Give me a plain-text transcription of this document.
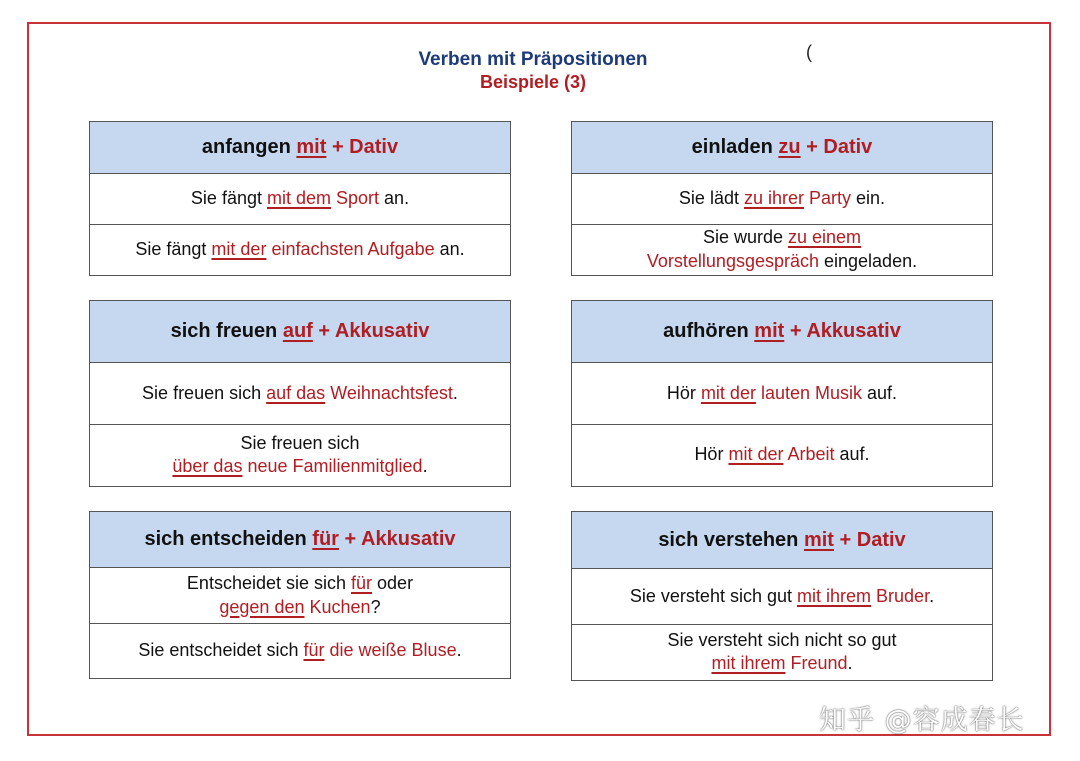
Verben mit Präpositionen
Beispiele (3)
(
anfangen
mit
+ Dativ
Sie fängt mit dem Sport an.
Sie fängt mit der einfachsten Aufgabe an.
einladen
zu
+ Dativ
Sie lädt zu ihrer Party ein.
Sie wurde zu einem
Vorstellungsgespräch eingeladen.
sich freuen
auf
+ Akkusativ
Sie freuen sich auf das Weihnachtsfest.
Sie freuen sich
über das neue Familienmitglied.
aufhören
mit
+ Akkusativ
Hör mit der lauten Musik auf.
Hör mit der Arbeit auf.
sich entscheiden
für
+ Akkusativ
Entscheidet sie sich für oder
gegen den Kuchen?
Sie entscheidet sich für die weiße Bluse.
sich verstehen
mit
+ Dativ
Sie versteht sich gut mit ihrem Bruder.
Sie versteht sich nicht so gut
mit ihrem Freund.
知乎 @容成春长
